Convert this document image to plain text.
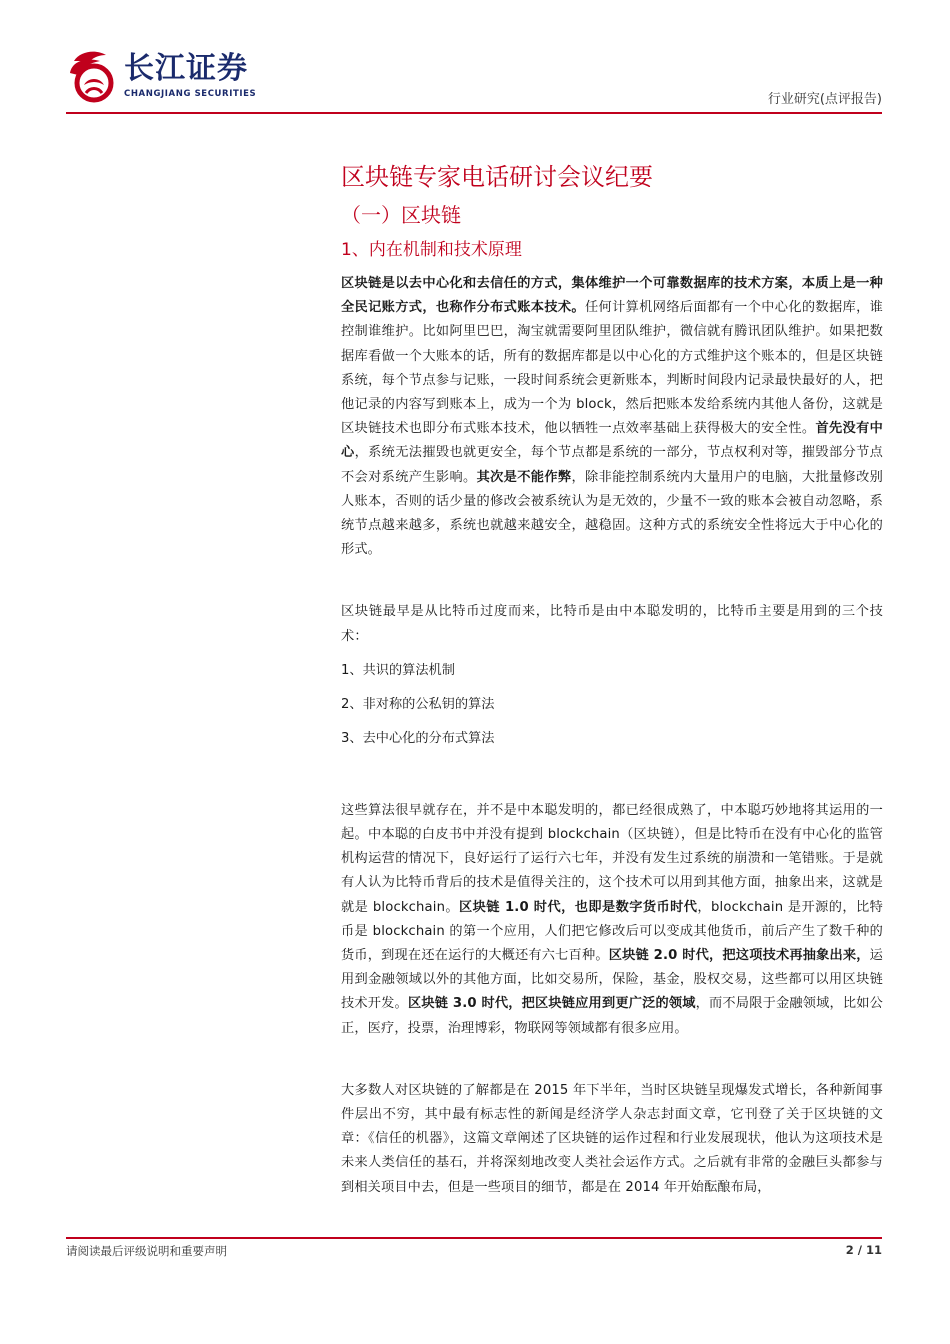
长江证券
CHANGJIANG SECURITIES	行业研究(点评报告)
区块链专家电话研讨会议纪要
（一）区块链
1、内在机制和技术原理

区块链是以去中心化和去信任的方式，集体维护一个可靠数据库的技术方案，本质上是一种全民记账方式，也称作分布式账本技术。任何计算机网络后面都有一个中心化的数据库，谁控制谁维护。比如阿里巴巴，淘宝就需要阿里团队维护，微信就有腾讯团队维护。如果把数据库看做一个大账本的话，所有的数据库都是以中心化的方式维护这个账本的，但是区块链系统，每个节点参与记账，一段时间系统会更新账本，判断时间段内记录最快最好的人，把他记录的内容写到账本上，成为一个为 block，然后把账本发给系统内其他人备份，这就是区块链技术也即分布式账本技术，他以牺牲一点效率基础上获得极大的安全性。首先没有中心，系统无法摧毁也就更安全，每个节点都是系统的一部分，节点权利对等，摧毁部分节点不会对系统产生影响。其次是不能作弊，除非能控制系统内大量用户的电脑，大批量修改别人账本，否则的话少量的修改会被系统认为是无效的，少量不一致的账本会被自动忽略，系统节点越来越多，系统也就越来越安全，越稳固。这种方式的系统安全性将远大于中心化的形式。

区块链最早是从比特币过度而来，比特币是由中本聪发明的，比特币主要是用到的三个技术：

1、共识的算法机制
2、非对称的公私钥的算法
3、去中心化的分布式算法

这些算法很早就存在，并不是中本聪发明的，都已经很成熟了，中本聪巧妙地将其运用的一起。中本聪的白皮书中并没有提到 blockchain（区块链），但是比特币在没有中心化的监管机构运营的情况下，良好运行了运行六七年，并没有发生过系统的崩溃和一笔错账。于是就有人认为比特币背后的技术是值得关注的，这个技术可以用到其他方面，抽象出来，这就是就是 blockchain。区块链 1.0 时代，也即是数字货币时代，blockchain 是开源的，比特币是 blockchain 的第一个应用，人们把它修改后可以变成其他货币，前后产生了数千种的货币，到现在还在运行的大概还有六七百种。区块链 2.0 时代，把这项技术再抽象出来，运用到金融领域以外的其他方面，比如交易所，保险，基金，股权交易，这些都可以用区块链技术开发。区块链 3.0 时代，把区块链应用到更广泛的领域，而不局限于金融领域，比如公正，医疗，投票，治理博彩，物联网等领域都有很多应用。

大多数人对区块链的了解都是在 2015 年下半年，当时区块链呈现爆发式增长，各种新闻事件层出不穷，其中最有标志性的新闻是经济学人杂志封面文章，它刊登了关于区块链的文章：《信任的机器》，这篇文章阐述了区块链的运作过程和行业发展现状，他认为这项技术是未来人类信任的基石，并将深刻地改变人类社会运作方式。之后就有非常的金融巨头都参与到相关项目中去，但是一些项目的细节，都是在 2014 年开始酝酿布局，

请阅读最后评级说明和重要声明	2 / 11
